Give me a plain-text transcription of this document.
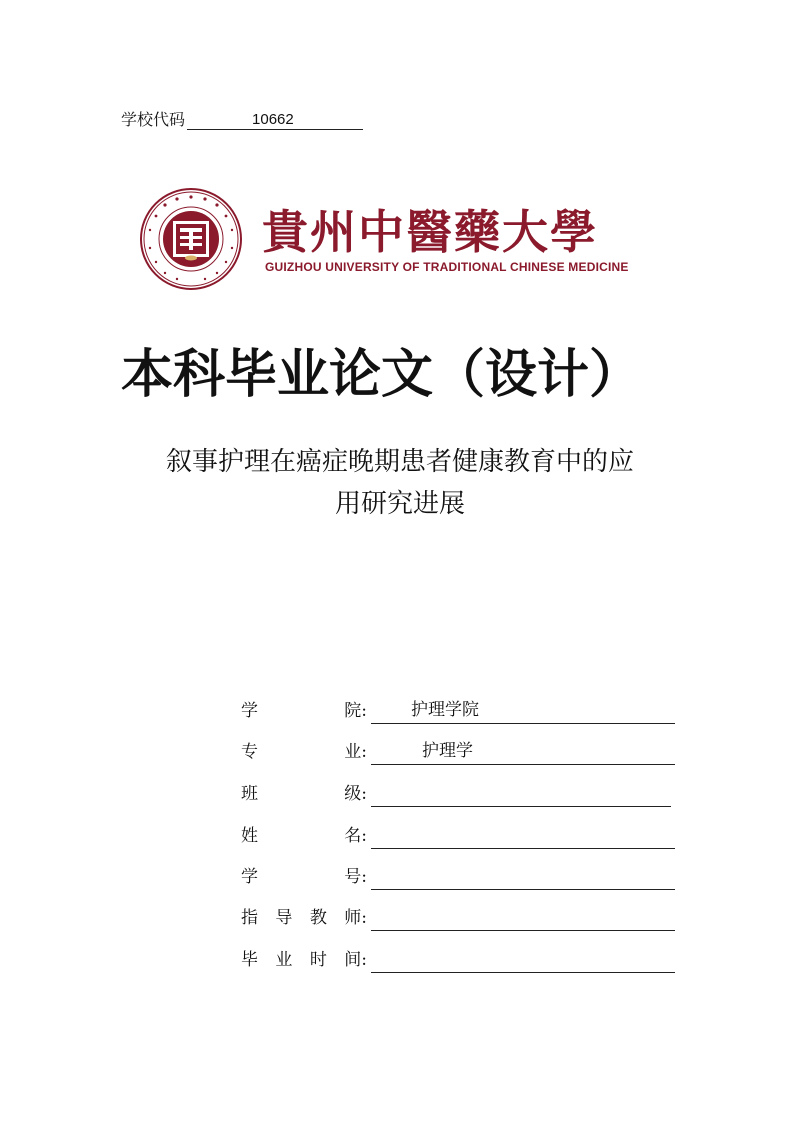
学校代码	10662
貴州中醫藥大學
GUIZHOU UNIVERSITY OF TRADITIONAL CHINESE MEDICINE
本科毕业论文（设计）
叙事护理在癌症晚期患者健康教育中的应
用研究进展
学	院:	护理学院
专	业:	护理学
班	级:
姓	名:
学	号:
指 导 教 师:
毕 业 时 间:
